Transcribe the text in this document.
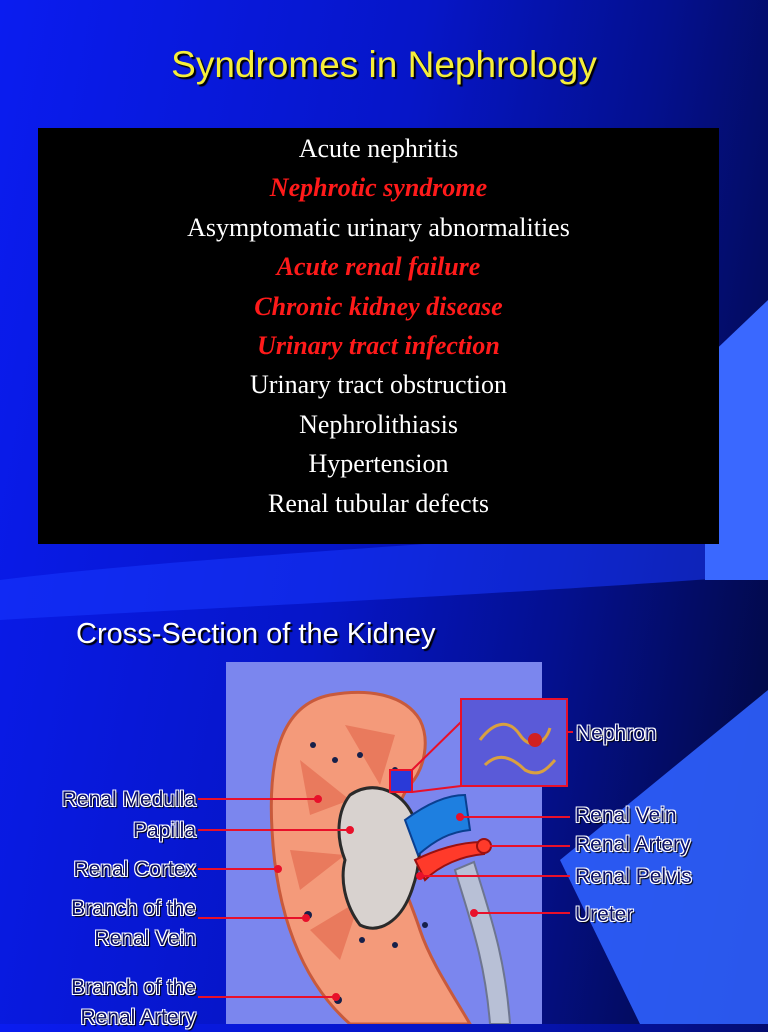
Syndromes in Nephrology
Acute nephritis
Nephrotic syndrome
Asymptomatic urinary abnormalities
Acute renal failure
Chronic kidney disease
Urinary tract infection
Urinary tract obstruction
Nephrolithiasis
Hypertension
Renal tubular defects
Cross-Section of the Kidney
Nephron
Renal Vein
Renal Artery
Renal Pelvis
Ureter
Renal Medulla
Papilla
Renal Cortex
Branch of the
Renal Vein
Branch of the
Renal Artery
